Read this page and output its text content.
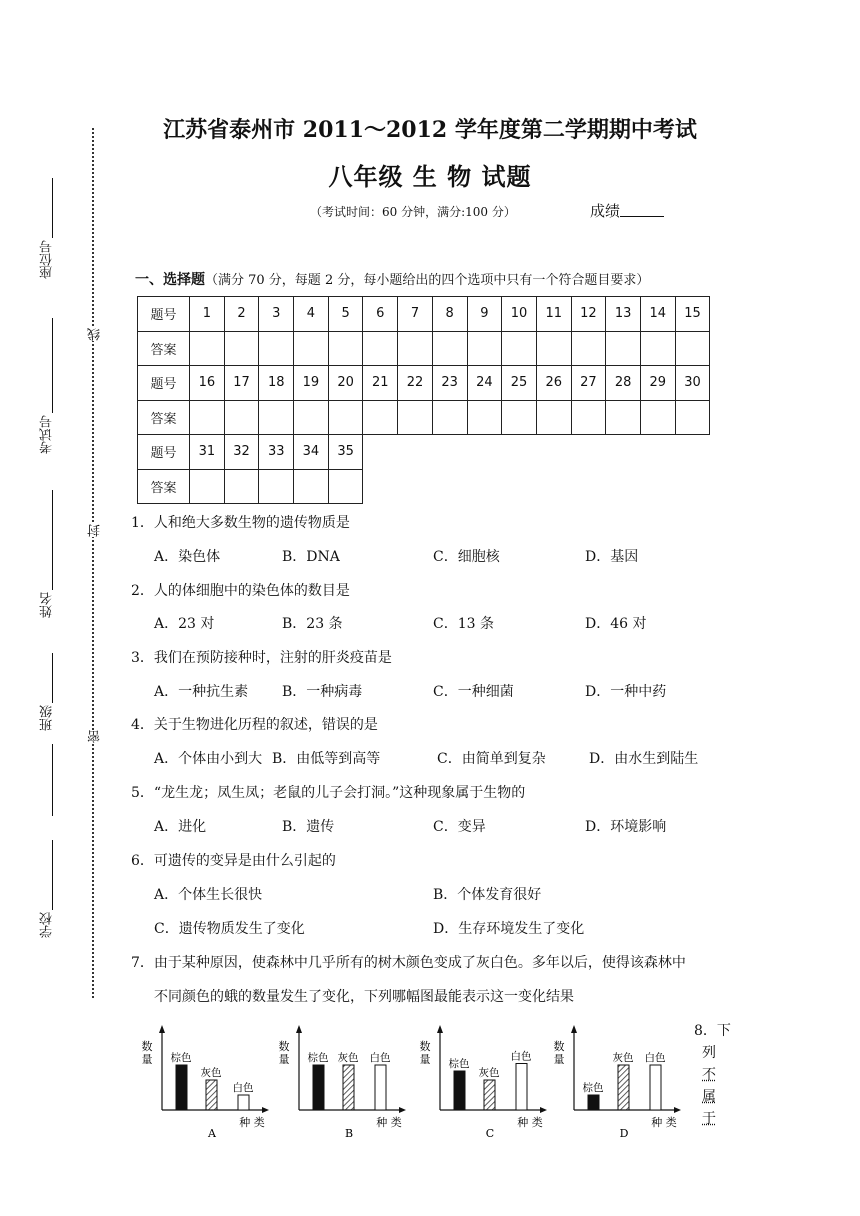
座位号
考试号
姓名
班级
学校
线
封
密
江苏省泰州市 2011～2012 学年度第二学期期中考试
八年级 生 物 试题
（考试时间：60 分钟，满分:100 分）	成绩
一、选择题（满分 70 分，每题 2 分，每小题给出的四个选项中只有一个符合题目要求）
题号	1	2	3	4	5	6	7	8	9	10	11	12	13	14	15
答案															
题号	16	17	18	19	20	21	22	23	24	25	26	27	28	29	30
答案															
题号	31	32	33	34	35										
答案															
1．人和绝大多数生物的遗传物质是
A．染色体	B．DNA	C．细胞核	D．基因
2．人的体细胞中的染色体的数目是
A．23 对	B．23 条	C．13 条	D．46 对
3．我们在预防接种时，注射的肝炎疫苗是
A．一种抗生素 B．一种病毒	C．一种细菌	D．一种中药
4．关于生物进化历程的叙述，错误的是
A．个体由小到大 B．由低等到高等	C．由简单到复杂	D．由水生到陆生
5．“龙生龙；凤生凤；老鼠的儿子会打洞。”这种现象属于生物的
A．进化	B．遗传	C．变异	D．环境影响
6．可遗传的变异是由什么引起的
A．个体生长很快	B．个体发育很好
C．遗传物质发生了变化	D．生存环境发生了变化
7．由于某种原因，使森林中几乎所有的树木颜色变成了灰白色。多年以后，使得该森林中
不同颜色的蛾的数量发生了变化，下列哪幅图最能表示这一变化结果
8．下
列
不
属
于
数
量
种 类
棕色
灰色
白色
A
数
量
种 类
棕色 灰色 白色
B
数
量
种 类
棕色
灰色
白色
C
数
量
种 类
棕色
灰色 白色
D
